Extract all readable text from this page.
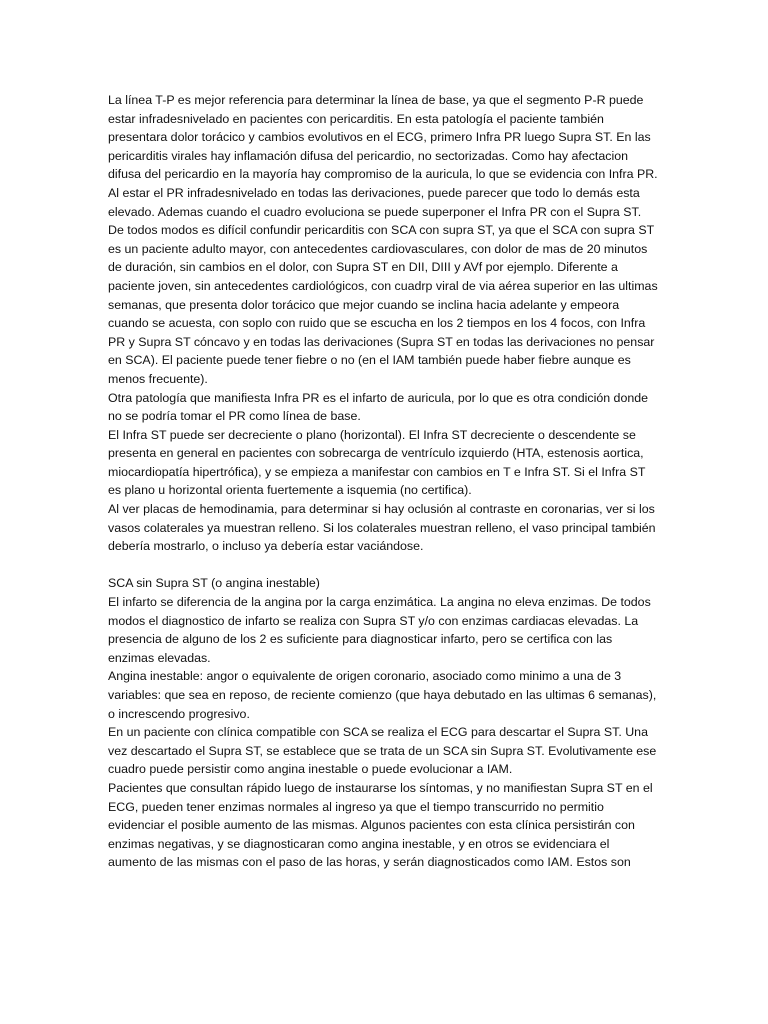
La línea T-P es mejor referencia para determinar la línea de base, ya que el segmento P-R puede estar infradesnivelado en pacientes con pericarditis. En esta patología el paciente también presentara dolor torácico y cambios evolutivos en el ECG, primero Infra PR luego Supra ST. En las pericarditis virales hay inflamación difusa del pericardio, no sectorizadas. Como hay afectacion difusa del pericardio en la mayoría hay compromiso de la auricula, lo que se evidencia con Infra PR. Al estar el PR infradesnivelado en todas las derivaciones, puede parecer que todo lo demás esta elevado. Ademas cuando el cuadro evoluciona se puede superponer el Infra PR con el Supra ST.

De todos modos es difícil confundir pericarditis con SCA con supra ST, ya que el SCA con supra ST es un paciente adulto mayor, con antecedentes cardiovasculares, con dolor de mas de 20 minutos de duración, sin cambios en el dolor, con Supra ST en DII, DIII y AVf por ejemplo. Diferente a paciente joven, sin antecedentes cardiológicos, con cuadrp viral de via aérea superior en las ultimas semanas, que presenta dolor torácico que mejor cuando se inclina hacia adelante y empeora cuando se acuesta, con soplo con ruido que se escucha en los 2 tiempos en los 4 focos, con Infra PR y Supra ST cóncavo y en todas las derivaciones (Supra ST en todas las derivaciones no pensar en SCA). El paciente puede tener fiebre o no (en el IAM también puede haber fiebre aunque es menos frecuente).

Otra patología que manifiesta Infra PR es el infarto de auricula, por lo que es otra condición donde no se podría tomar el PR como línea de base.

El Infra ST puede ser decreciente o plano (horizontal). El Infra ST decreciente o descendente se presenta en general en pacientes con sobrecarga de ventrículo izquierdo (HTA, estenosis aortica, miocardiopatía hipertrófica), y se empieza a manifestar con cambios en T e Infra ST. Si el Infra ST es plano u horizontal orienta fuertemente a isquemia (no certifica).

Al ver placas de hemodinamia, para determinar si hay oclusión al contraste en coronarias, ver si los vasos colaterales ya muestran relleno. Si los colaterales muestran relleno, el vaso principal también debería mostrarlo, o incluso ya debería estar vaciándose.

SCA sin Supra ST (o angina inestable)

El infarto se diferencia de la angina por la carga enzimática. La angina no eleva enzimas. De todos modos el diagnostico de infarto se realiza con Supra ST y/o con enzimas cardiacas elevadas. La presencia de alguno de los 2 es suficiente para diagnosticar infarto, pero se certifica con las enzimas elevadas.

Angina inestable: angor o equivalente de origen coronario, asociado como minimo a una de 3 variables: que sea en reposo, de reciente comienzo (que haya debutado en las ultimas 6 semanas), o increscendo progresivo.

En un paciente con clínica compatible con SCA se realiza el ECG para descartar el Supra ST. Una vez descartado el Supra ST, se establece que se trata de un SCA sin Supra ST. Evolutivamente ese cuadro puede persistir como angina inestable o puede evolucionar a IAM.

Pacientes que consultan rápido luego de instaurarse los síntomas, y no manifiestan Supra ST en el ECG, pueden tener enzimas normales al ingreso ya que el tiempo transcurrido no permitio evidenciar el posible aumento de las mismas. Algunos pacientes con esta clínica persistirán con enzimas negativas, y se diagnosticaran como angina inestable, y en otros se evidenciara el aumento de las mismas con el paso de las horas, y serán diagnosticados como IAM. Estos son
